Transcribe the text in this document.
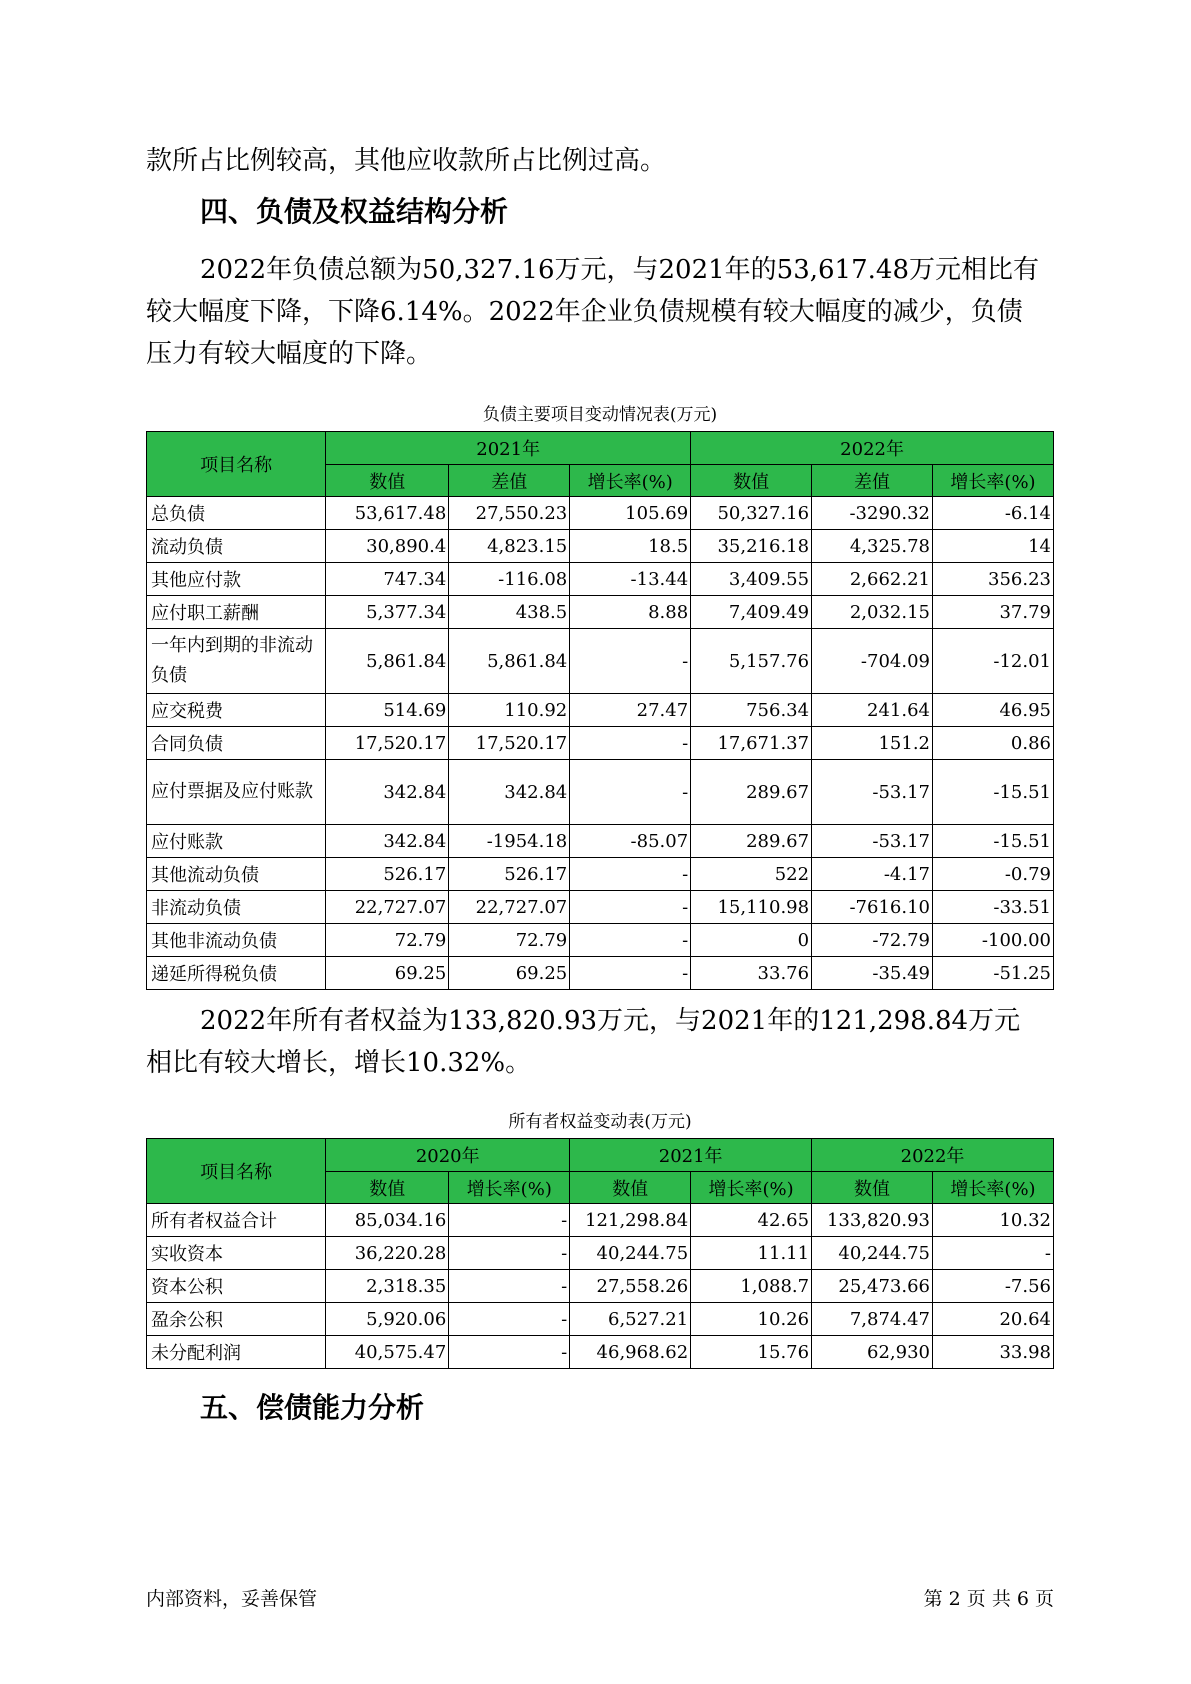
款所占比例较高，其他应收款所占比例过高。

四、负债及权益结构分析

2022年负债总额为50,327.16万元，与2021年的53,617.48万元相比有较大幅度下降，下降6.14%。2022年企业负债规模有较大幅度的减少，负债压力有较大幅度的下降。

负债主要项目变动情况表(万元)

项目名称	2021年			2022年		
	数值	差值	增长率(%)	数值	差值	增长率(%)
总负债	53,617.48	27,550.23	105.69	50,327.16	-3290.32	-6.14
流动负债	30,890.4	4,823.15	18.5	35,216.18	4,325.78	14
其他应付款	747.34	-116.08	-13.44	3,409.55	2,662.21	356.23
应付职工薪酬	5,377.34	438.5	8.88	7,409.49	2,032.15	37.79
一年内到期的非流动负债	5,861.84	5,861.84	-	5,157.76	-704.09	-12.01
应交税费	514.69	110.92	27.47	756.34	241.64	46.95
合同负债	17,520.17	17,520.17	-	17,671.37	151.2	0.86
应付票据及应付账款	342.84	342.84	-	289.67	-53.17	-15.51
应付账款	342.84	-1954.18	-85.07	289.67	-53.17	-15.51
其他流动负债	526.17	526.17	-	522	-4.17	-0.79
非流动负债	22,727.07	22,727.07	-	15,110.98	-7616.10	-33.51
其他非流动负债	72.79	72.79	-	0	-72.79	-100.00
递延所得税负债	69.25	69.25	-	33.76	-35.49	-51.25

2022年所有者权益为133,820.93万元，与2021年的121,298.84万元相比有较大增长，增长10.32%。

所有者权益变动表(万元)

项目名称	2020年		2021年		2022年	
	数值	增长率(%)	数值	增长率(%)	数值	增长率(%)
所有者权益合计	85,034.16	-	121,298.84	42.65	133,820.93	10.32
实收资本	36,220.28	-	40,244.75	11.11	40,244.75	-
资本公积	2,318.35	-	27,558.26	1,088.7	25,473.66	-7.56
盈余公积	5,920.06	-	6,527.21	10.26	7,874.47	20.64
未分配利润	40,575.47	-	46,968.62	15.76	62,930	33.98
五、偿债能力分析
内部资料，妥善保管	第 2 页 共 6 页
